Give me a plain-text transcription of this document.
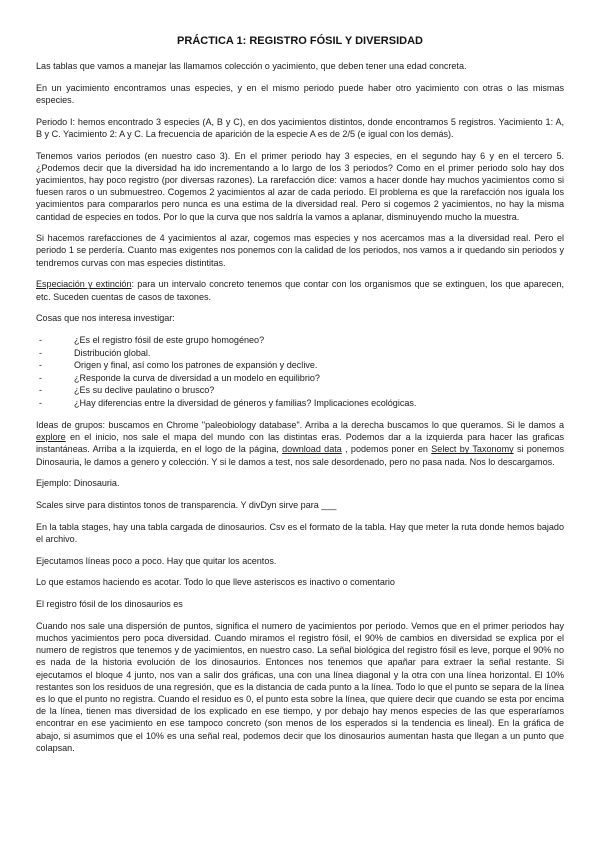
PRÁCTICA 1: REGISTRO FÓSIL Y DIVERSIDAD

Las tablas que vamos a manejar las llamamos colección o yacimiento, que deben tener una edad concreta.

En un yacimiento encontramos unas especies, y en el mismo periodo puede haber otro yacimiento con otras o las mismas especies.

Periodo I: hemos encontrado 3 especies (A, B y C), en dos yacimientos distintos, donde encontramos 5 registros. Yacimiento 1: A, B y C. Yacimiento 2: A y C. La frecuencia de aparición de la especie A es de 2/5 (e igual con los demás).

Tenemos varios periodos (en nuestro caso 3). En el primer periodo hay 3 especies, en el segundo hay 6 y en el tercero 5. ¿Podemos decir que la diversidad ha ido incrementando a lo largo de los 3 periodos? Como en el primer periodo solo hay dos yacimientos, hay poco registro (por diversas razones). La rarefacción dice: vamos a hacer donde hay muchos yacimientos como si fuesen raros o un submuestreo. Cogemos 2 yacimientos al azar de cada periodo. El problema es que la rarefacción nos iguala los yacimientos para compararlos pero nunca es una estima de la diversidad real. Pero si cogemos 2 yacimientos, no hay la misma cantidad de especies en todos. Por lo que la curva que nos saldría la vamos a aplanar, disminuyendo mucho la muestra.

Si hacemos rarefacciones de 4 yacimientos al azar, cogemos mas especies y nos acercamos mas a la diversidad real. Pero el periodo 1 se perdería. Cuanto mas exigentes nos ponemos con la calidad de los periodos, nos vamos a ir quedando sin periodos y tendremos curvas con mas especies distintitas.

Especiación y extinción: para un intervalo concreto tenemos que contar con los organismos que se extinguen, los que aparecen, etc. Suceden cuentas de casos de taxones.

Cosas que nos interesa investigar:

- ¿Es el registro fósil de este grupo homogéneo?
- Distribución global.
- Origen y final, así como los patrones de expansión y declive.
- ¿Responde la curva de diversidad a un modelo en equilibrio?
- ¿Es su declive paulatino o brusco?
- ¿Hay diferencias entre la diversidad de géneros y familias? Implicaciones ecológicas.

Ideas de grupos: buscamos en Chrome "paleobiology database". Arriba a la derecha buscamos lo que queramos. Si le damos a explore en el inicio, nos sale el mapa del mundo con las distintas eras. Podemos dar a la izquierda para hacer las graficas instantáneas. Arriba a la izquierda, en el logo de la página, download data , podemos poner en Select by Taxonomy si ponemos Dinosauria, le damos a genero y colección. Y si le damos a test, nos sale desordenado, pero no pasa nada. Nos lo descargamos.

Ejemplo: Dinosauria.

Scales sirve para distintos tonos de transparencia. Y divDyn sirve para ___

En la tabla stages, hay una tabla cargada de dinosaurios. Csv es el formato de la tabla. Hay que meter la ruta donde hemos bajado el archivo.

Ejecutamos líneas poco a poco. Hay que quitar los acentos.

Lo que estamos haciendo es acotar. Todo lo que lleve asteriscos es inactivo o comentario

El registro fósil de los dinosaurios es

Cuando nos sale una dispersión de puntos, significa el numero de yacimientos por periodo. Vemos que en el primer periodos hay muchos yacimientos pero poca diversidad. Cuando miramos el registro fósil, el 90% de cambios en diversidad se explica por el numero de registros que tenemos y de yacimientos, en nuestro caso. La señal biológica del registro fósil es leve, porque el 90% no es nada de la historia evolución de los dinosaurios. Entonces nos tenemos que apañar para extraer la señal restante. Si ejecutamos el bloque 4 junto, nos van a salir dos gráficas, una con una línea diagonal y la otra con una línea horizontal. El 10% restantes son los residuos de una regresión, que es la distancia de cada punto a la línea. Todo lo que el punto se separa de la línea es lo que el punto no registra. Cuando el residuo es 0, el punto esta sobre la línea, que quiere decir que cuando se esta por encima de la línea, tienen mas diversidad de los explicado en ese tiempo, y por debajo hay menos especies de las que esperaríamos encontrar en ese yacimiento en ese tampoco concreto (son menos de los esperados si la tendencia es lineal). En la gráfica de abajo, si asumimos que el 10% es una señal real, podemos decir que los dinosaurios aumentan hasta que llegan a un punto que colapsan.
